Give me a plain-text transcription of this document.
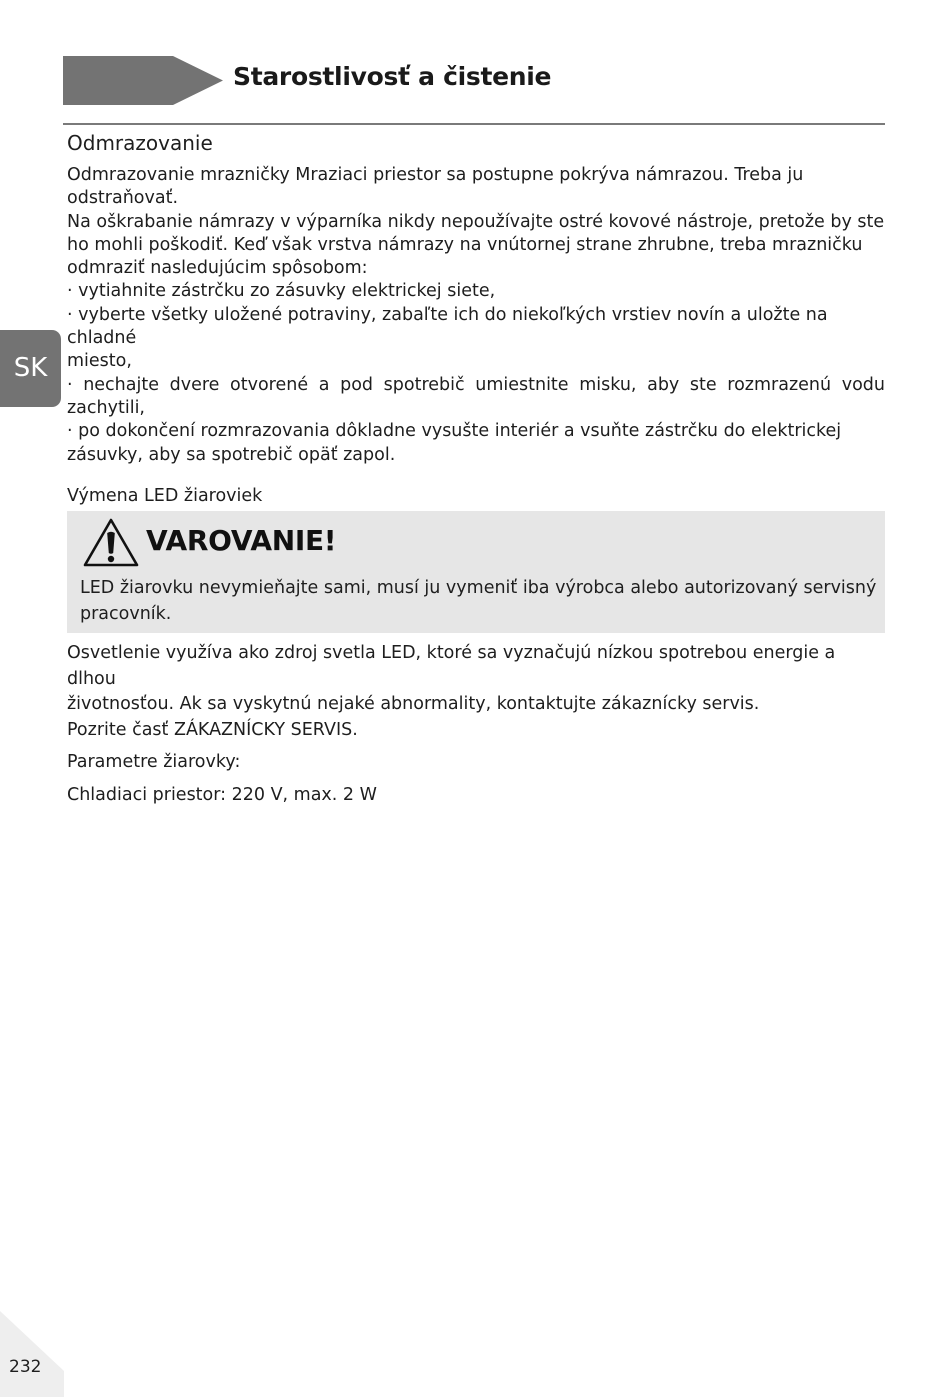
Starostlivosť a čistenie
SK
Odmrazovanie

Odmrazovanie mrazničky Mraziaci priestor sa postupne pokrýva námrazou. Treba ju

odstraňovať.

Na oškrabanie námrazy v výparníka nikdy nepoužívajte ostré kovové nástroje, pretože by ste

ho mohli poškodiť. Keď však vrstva námrazy na vnútornej strane zhrubne, treba mrazničku

odmraziť nasledujúcim spôsobom:

· vytiahnite zástrčku zo zásuvky elektrickej siete,

· vyberte všetky uložené potraviny, zabaľte ich do niekoľkých vrstiev novín a uložte na chladné

miesto,

· nechajte dvere otvorené a pod spotrebič umiestnite misku, aby ste rozmrazenú vodu

zachytili,

· po dokončení rozmrazovania dôkladne vysušte interiér a vsuňte zástrčku do elektrickej

zásuvky, aby sa spotrebič opäť zapol.

Výmena LED žiaroviek
VAROVANIE!
LED žiarovku nevymieňajte sami, musí ju vymeniť iba výrobca alebo autorizovaný servisný
pracovník.

Osvetlenie využíva ako zdroj svetla LED, ktoré sa vyznačujú nízkou spotrebou energie a dlhou

životnosťou. Ak sa vyskytnú nejaké abnormality, kontaktujte zákaznícky servis.

Pozrite časť ZÁKAZNÍCKY SERVIS.

Parametre žiarovky:

Chladiaci priestor: 220 V, max. 2 W

232
